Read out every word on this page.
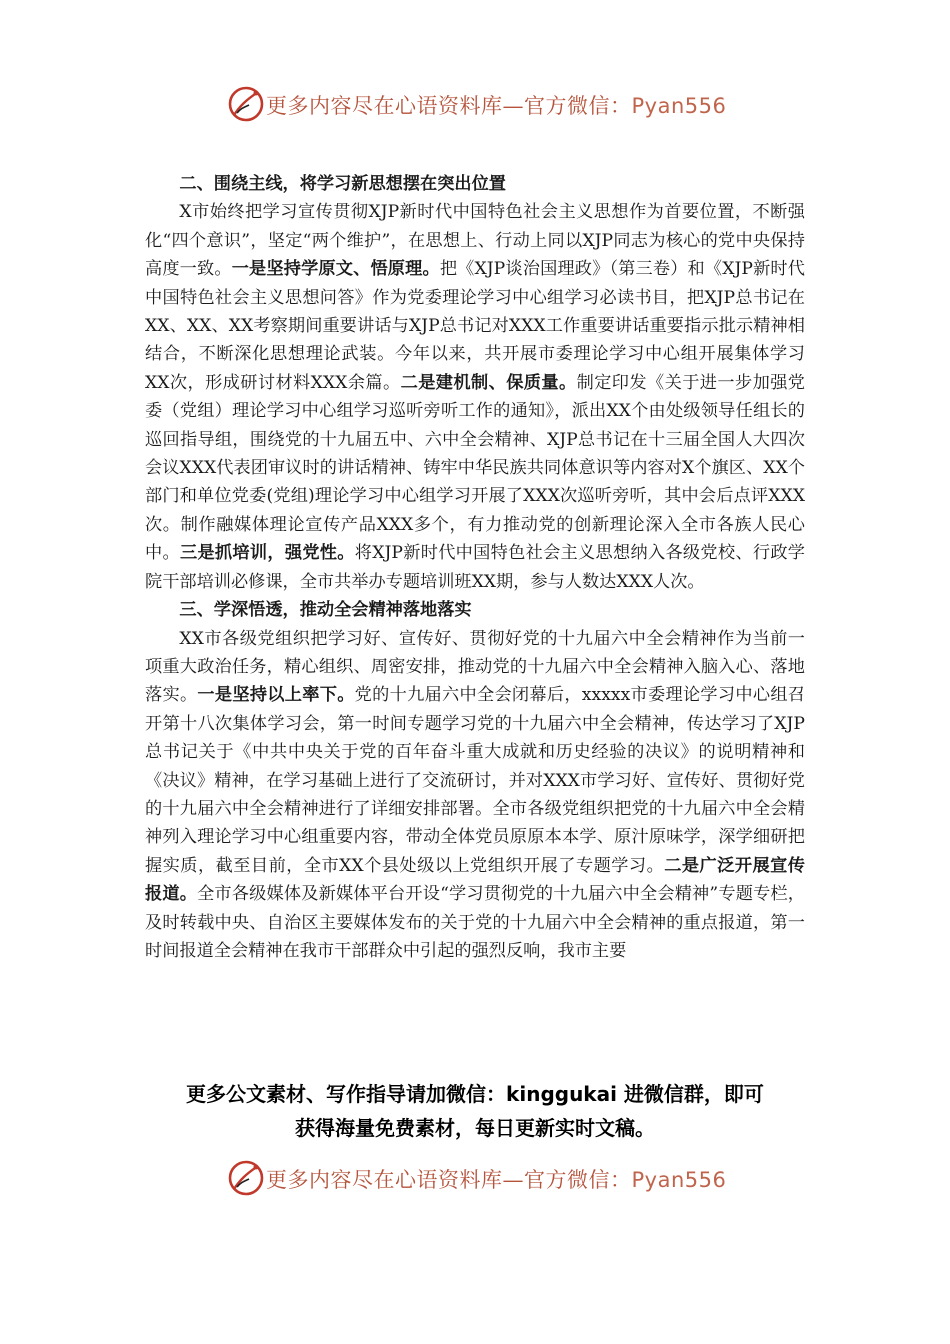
更多内容尽在心语资料库—官方微信：Pyan556
二、围绕主线，将学习新思想摆在突出位置

X市始终把学习宣传贯彻XJP新时代中国特色社会主义思想作为首要位置，不断强化“四个意识”，坚定“两个维护”，在思想上、行动上同以XJP同志为核心的党中央保持高度一致。一是坚持学原文、悟原理。把《XJP谈治国理政》（第三卷）和《XJP新时代中国特色社会主义思想问答》作为党委理论学习中心组学习必读书目，把XJP总书记在XX、XX、XX考察期间重要讲话与XJP总书记对XXX工作重要讲话重要指示批示精神相结合，不断深化思想理论武装。今年以来，共开展市委理论学习中心组开展集体学习XX次，形成研讨材料XXX余篇。二是建机制、保质量。制定印发《关于进一步加强党委（党组）理论学习中心组学习巡听旁听工作的通知》，派出XX个由处级领导任组长的巡回指导组，围绕党的十九届五中、六中全会精神、XJP总书记在十三届全国人大四次会议XXX代表团审议时的讲话精神、铸牢中华民族共同体意识等内容对X个旗区、XX个部门和单位党委(党组)理论学习中心组学习开展了XXX次巡听旁听，其中会后点评XXX次。制作融媒体理论宣传产品XXX多个，有力推动党的创新理论深入全市各族人民心中。三是抓培训，强党性。将XJP新时代中国特色社会主义思想纳入各级党校、行政学院干部培训必修课，全市共举办专题培训班XX期，参与人数达XXX人次。

三、学深悟透，推动全会精神落地落实

XX市各级党组织把学习好、宣传好、贯彻好党的十九届六中全会精神作为当前一项重大政治任务，精心组织、周密安排，推动党的十九届六中全会精神入脑入心、落地落实。一是坚持以上率下。党的十九届六中全会闭幕后，xxxxx市委理论学习中心组召开第十八次集体学习会，第一时间专题学习党的十九届六中全会精神，传达学习了XJP总书记关于《中共中央关于党的百年奋斗重大成就和历史经验的决议》的说明精神和《决议》精神，在学习基础上进行了交流研讨，并对XXX市学习好、宣传好、贯彻好党的十九届六中全会精神进行了详细安排部署。全市各级党组织把党的十九届六中全会精神列入理论学习中心组重要内容，带动全体党员原原本本学、原汁原味学，深学细研把握实质，截至目前，全市XX个县处级以上党组织开展了专题学习。二是广泛开展宣传报道。全市各级媒体及新媒体平台开设“学习贯彻党的十九届六中全会精神”专题专栏，及时转载中央、自治区主要媒体发布的关于党的十九届六中全会精神的重点报道，第一时间报道全会精神在我市干部群众中引起的强烈反响，我市主要

更多公文素材、写作指导请加微信：kinggukai 进微信群，即可
获得海量免费素材，每日更新实时文稿。
更多内容尽在心语资料库—官方微信：Pyan556
